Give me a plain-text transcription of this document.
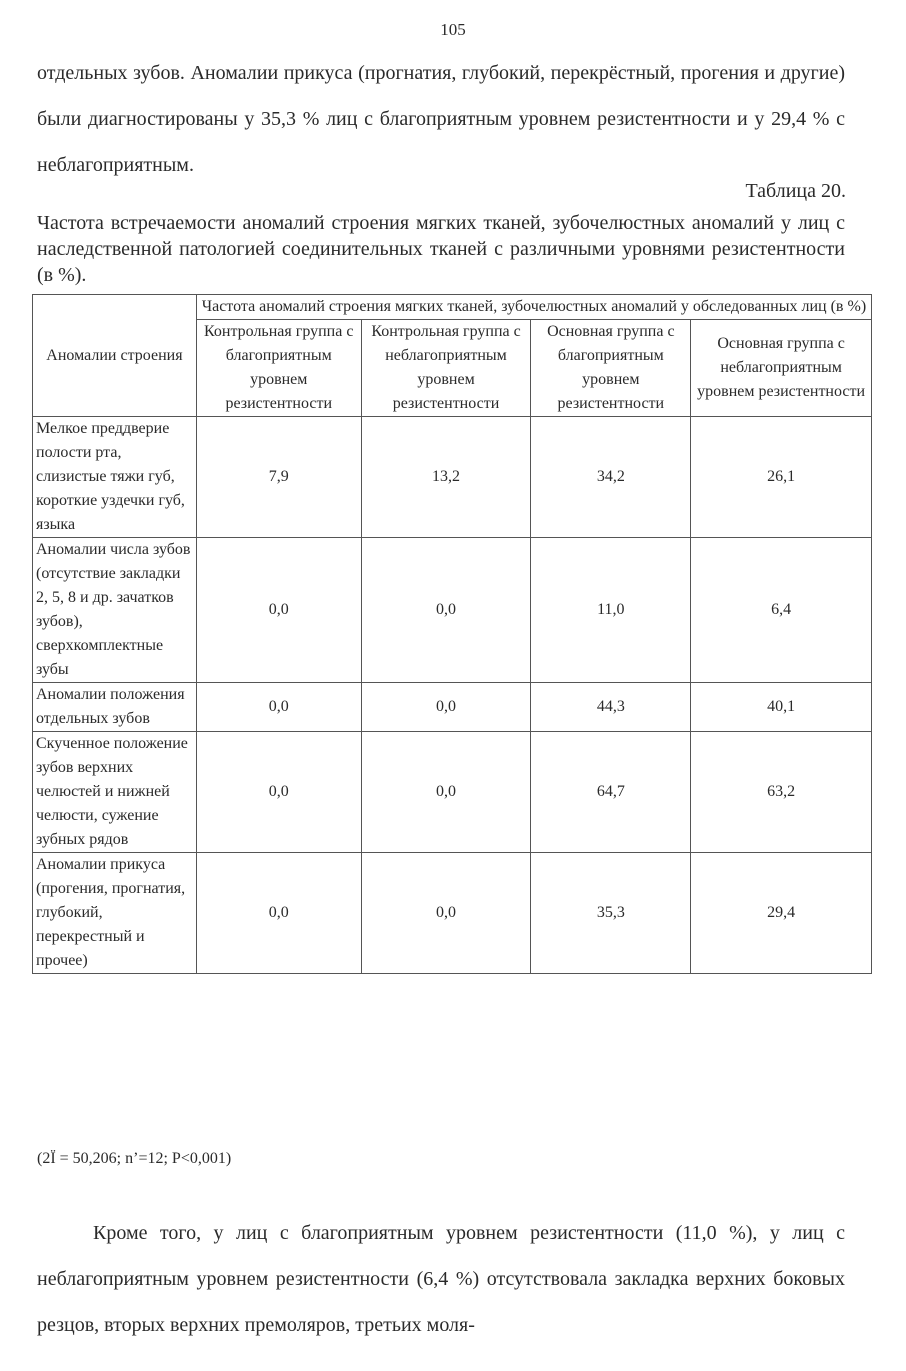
105

отдельных зубов. Аномалии прикуса (прогнатия, глубокий, перекрёстный, прогения и другие) были диагностированы у 35,3 % лиц с благоприятным уровнем резистентности и у 29,4 % с неблагоприятным.

Таблица 20.

Частота встречаемости аномалий строения мягких тканей, зубочелюстных аномалий у лиц с наследственной патологией соединительных тканей с различными уровнями резистентности (в %).

Аномалии строения	Частота аномалий строения мягких тканей, зубочелюстных аномалий у обследованных лиц (в %)			
	Контрольная группа с благоприятным уровнем резистентности	Контрольная группа с неблагоприятным уровнем резистентности	Основная группа с благоприятным уровнем резистентности	Основная группа с неблагоприятным уровнем резистентности
Мелкое преддверие полости рта, слизистые тяжи губ, короткие уздечки губ, языка	7,9	13,2	34,2	26,1
Аномалии числа зубов (отсутствие закладки 2, 5, 8 и др. зачатков зубов), сверхкомплектные зубы	0,0	0,0	11,0	6,4
Аномалии положения отдельных зубов	0,0	0,0	44,3	40,1
Скученное положение зубов верхних челюстей и нижней челюсти, сужение зубных рядов	0,0	0,0	64,7	63,2
Аномалии прикуса (прогения, прогнатия, глубокий, перекрестный и прочее)	0,0	0,0	35,3	29,4
(2Ï = 50,206; n’=12; P<0,001)

Кроме того, у лиц с благоприятным уровнем резистентности (11,0 %), у лиц с неблагоприятным уровнем резистентности (6,4 %) отсутствовала закладка верхних боковых резцов, вторых верхних премоляров, третьих моля-
